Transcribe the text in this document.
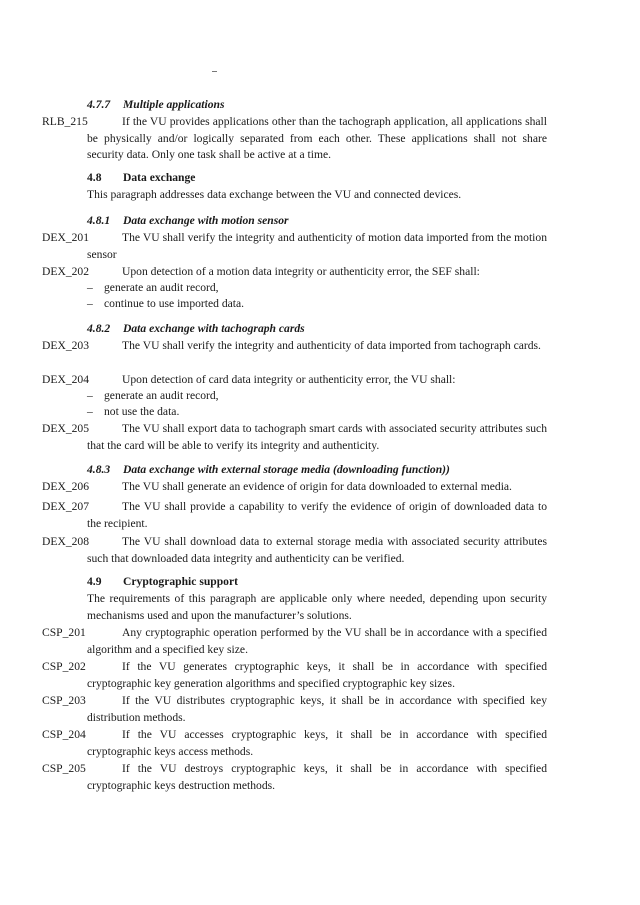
4.7.7 Multiple applications
RLB_215	If the VU provides applications other than the tachograph application, all applications shall be physically and/or logically separated from each other. These applications shall not share security data. Only one task shall be active at a time.
4.8 Data exchange
This paragraph addresses data exchange between the VU and connected devices.
4.8.1 Data exchange with motion sensor
DEX_201	The VU shall verify the integrity and authenticity of motion data imported from the motion sensor
DEX_202	Upon detection of a motion data integrity or authenticity error, the SEF shall:
– generate an audit record,
– continue to use imported data.
4.8.2 Data exchange with tachograph cards
DEX_203	The VU shall verify the integrity and authenticity of data imported from tachograph cards.
DEX_204	Upon detection of card data integrity or authenticity error, the VU shall:
– generate an audit record,
– not use the data.
DEX_205	The VU shall export data to tachograph smart cards with associated security attributes such that the card will be able to verify its integrity and authenticity.
4.8.3 Data exchange with external storage media (downloading function))
DEX_206	The VU shall generate an evidence of origin for data downloaded to external media.
DEX_207	The VU shall provide a capability to verify the evidence of origin of downloaded data to the recipient.
DEX_208	The VU shall download data to external storage media with associated security attributes such that downloaded data integrity and authenticity can be verified.
4.9 Cryptographic support
The requirements of this paragraph are applicable only where needed, depending upon security mechanisms used and upon the manufacturer’s solutions.
CSP_201	Any cryptographic operation performed by the VU shall be in accordance with a specified algorithm and a specified key size.
CSP_202	If the VU generates cryptographic keys, it shall be in accordance with specified cryptographic key generation algorithms and specified cryptographic key sizes.
CSP_203	If the VU distributes cryptographic keys, it shall be in accordance with specified key distribution methods.
CSP_204	If the VU accesses cryptographic keys, it shall be in accordance with specified cryptographic keys access methods.
CSP_205	If the VU destroys cryptographic keys, it shall be in accordance with specified cryptographic keys destruction methods.
